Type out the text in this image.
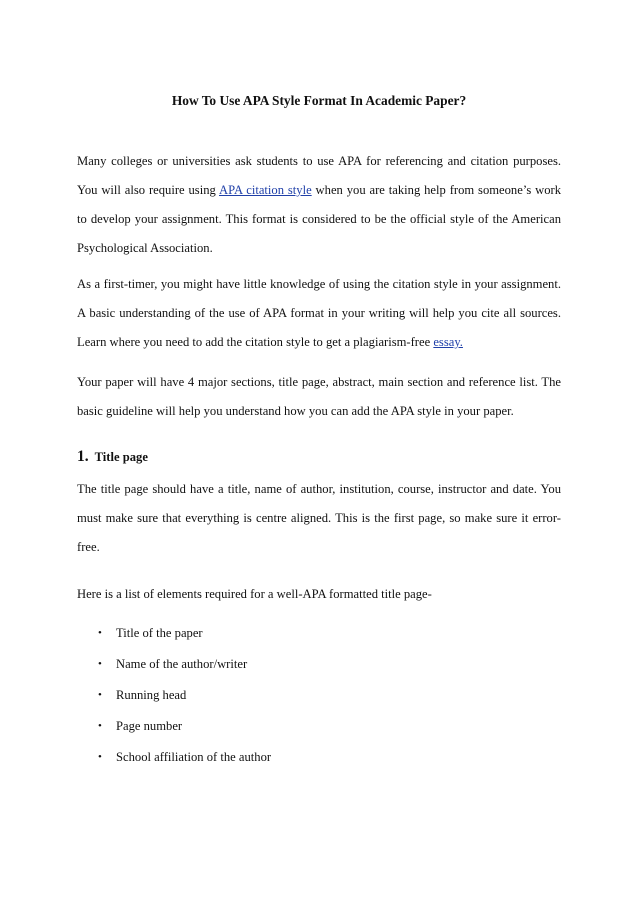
How To Use APA Style Format In Academic Paper?

Many colleges or universities ask students to use APA for referencing and citation purposes. You will also require using APA citation style when you are taking help from someone’s work to develop your assignment. This format is considered to be the official style of the American Psychological Association.

As a first-timer, you might have little knowledge of using the citation style in your assignment. A basic understanding of the use of APA format in your writing will help you cite all sources. Learn where you need to add the citation style to get a plagiarism-free essay.

Your paper will have 4 major sections, title page, abstract, main section and reference list. The basic guideline will help you understand how you can add the APA style in your paper.

1. Title page

The title page should have a title, name of author, institution, course, instructor and date. You must make sure that everything is centre aligned. This is the first page, so make sure it error-free.

Here is a list of elements required for a well-APA formatted title page-

• Title of the paper
• Name of the author/writer
• Running head
• Page number
• School affiliation of the author
